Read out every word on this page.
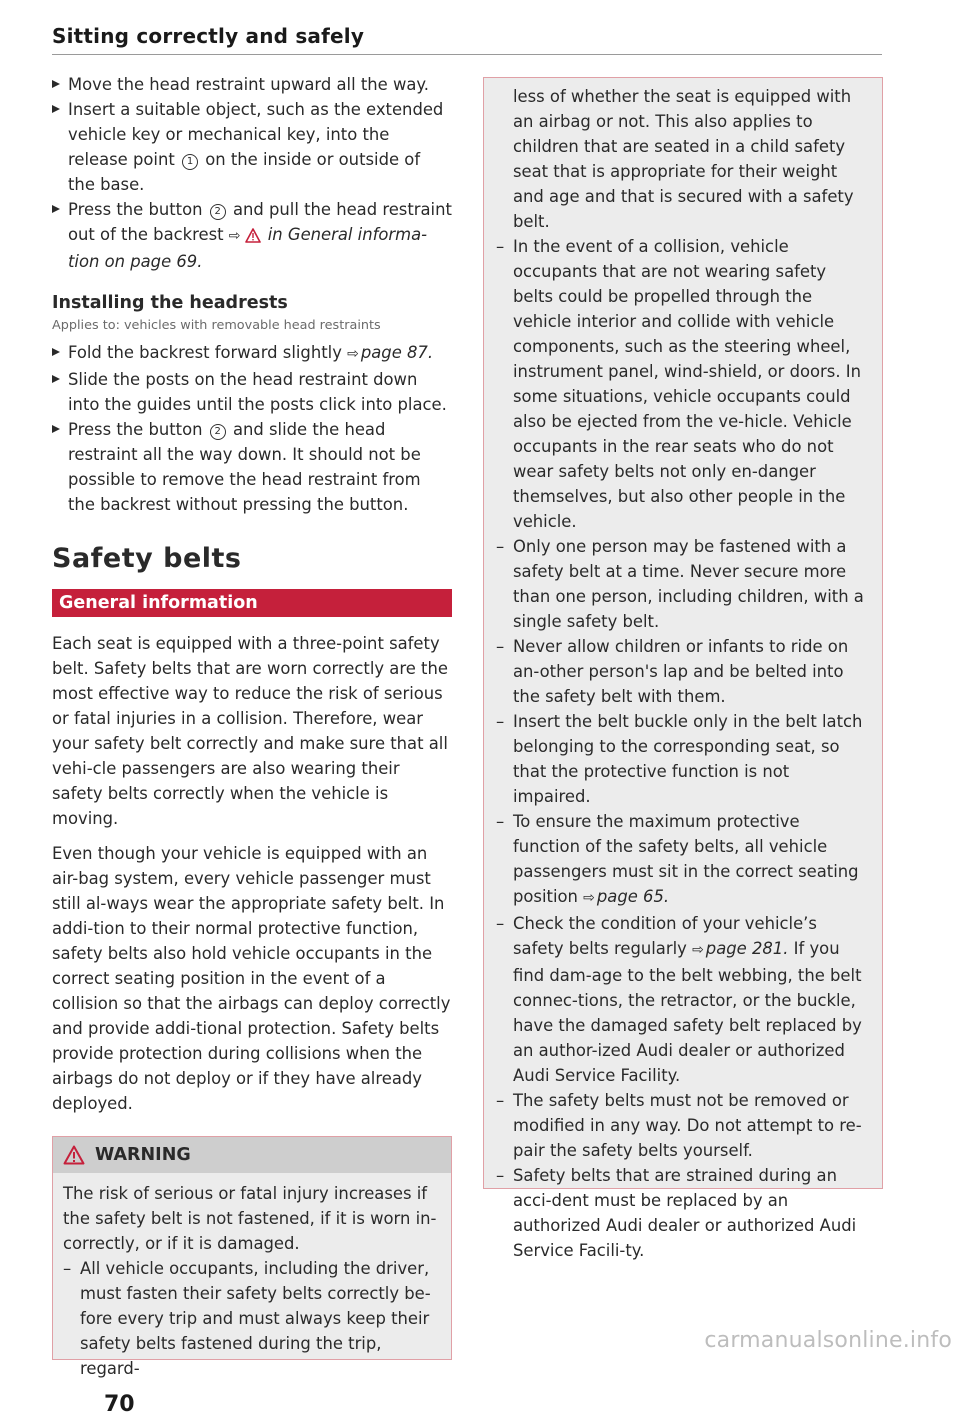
Sitting correctly and safely
Move the head restraint upward all the way.
Insert a suitable object, such as the extended vehicle key or mechanical key, into the release point 1 on the inside or outside of the base.
Press the button 2 and pull the head restraint out of the backrest ⇨ in General informa-tion on page 69.
Installing the headrests
Applies to: vehicles with removable head restraints
Fold the backrest forward slightly ⇨ page 87.
Slide the posts on the head restraint down into the guides until the posts click into place.
Press the button 2 and slide the head restraint all the way down. It should not be possible to remove the head restraint from the backrest without pressing the button.
Safety belts
General information

Each seat is equipped with a three-point safety belt. Safety belts that are worn correctly are the most effective way to reduce the risk of serious or fatal injuries in a collision. Therefore, wear your safety belt correctly and make sure that all vehi-cle passengers are also wearing their safety belts correctly when the vehicle is moving.

Even though your vehicle is equipped with an air-bag system, every vehicle passenger must still al-ways wear the appropriate safety belt. In addi-tion to their normal protective function, safety belts also hold vehicle occupants in the correct seating position in the event of a collision so that the airbags can deploy correctly and provide addi-tional protection. Safety belts provide protection during collisions when the airbags do not deploy or if they have already deployed.

WARNING

The risk of serious or fatal injury increases if the safety belt is not fastened, if it is worn in-correctly, or if it is damaged.

– All vehicle occupants, including the driver, must fasten their safety belts correctly be-fore every trip and must always keep their safety belts fastened during the trip, regard-
70

less of whether the seat is equipped with an airbag or not. This also applies to children that are seated in a child safety seat that is appropriate for their weight and age and that is secured with a safety belt.

– In the event of a collision, vehicle occupants that are not wearing safety belts could be propelled through the vehicle interior and collide with vehicle components, such as the steering wheel, instrument panel, wind-shield, or doors. In some situations, vehicle occupants could also be ejected from the ve-hicle. Vehicle occupants in the rear seats who do not wear safety belts not only en-danger themselves, but also other people in the vehicle.
– Only one person may be fastened with a safety belt at a time. Never secure more than one person, including children, with a single safety belt.
– Never allow children or infants to ride on an-other person's lap and be belted into the safety belt with them.
– Insert the belt buckle only in the belt latch belonging to the corresponding seat, so that the protective function is not impaired.
– To ensure the maximum protective function of the safety belts, all vehicle passengers must sit in the correct seating position ⇨ page 65.
– Check the condition of your vehicle’s safety belts regularly ⇨ page 281. If you find dam-age to the belt webbing, the belt connec-tions, the retractor, or the buckle, have the damaged safety belt replaced by an author-ized Audi dealer or authorized Audi Service Facility.
– The safety belts must not be removed or modified in any way. Do not attempt to re-pair the safety belts yourself.
– Safety belts that are strained during an acci-dent must be replaced by an authorized Audi dealer or authorized Audi Service Facili-ty.
carmanualsonline.info
